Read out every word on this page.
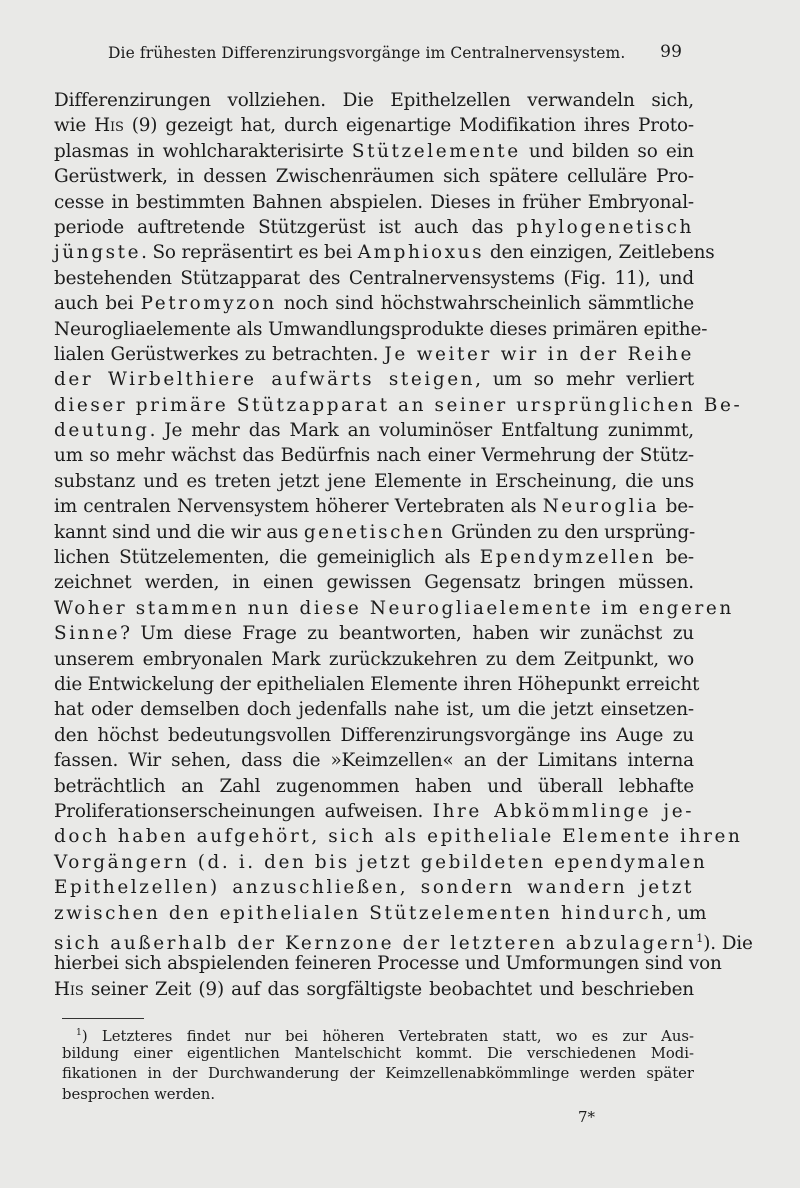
Die frühesten Differenzirungsvorgänge im Centralnervensystem. 99
Differenzirungen vollziehen. Die Epithelzellen verwandeln sich,
wie His (9) gezeigt hat, durch eigenartige Modifikation ihres Proto-
plasmas in wohlcharakterisirte Stützelemente und bilden so ein
Gerüstwerk, in dessen Zwischenräumen sich spätere celluläre Pro-
cesse in bestimmten Bahnen abspielen. Dieses in früher Embryonal-
periode auftretende Stützgerüst ist auch das phylogenetisch
jüngste. So repräsentirt es bei Amphioxus den einzigen, Zeitlebens
bestehenden Stützapparat des Centralnervensystems (Fig. 11), und
auch bei Petromyzon noch sind höchstwahrscheinlich sämmtliche
Neurogliaelemente als Umwandlungsprodukte dieses primären epithe-
lialen Gerüstwerkes zu betrachten. Je weiter wir in der Reihe
der Wirbelthiere aufwärts steigen, um so mehr verliert
dieser primäre Stützapparat an seiner ursprünglichen Be-
deutung. Je mehr das Mark an voluminöser Entfaltung zunimmt,
um so mehr wächst das Bedürfnis nach einer Vermehrung der Stütz-
substanz und es treten jetzt jene Elemente in Erscheinung, die uns
im centralen Nervensystem höherer Vertebraten als Neuroglia be-
kannt sind und die wir aus genetischen Gründen zu den ursprüng-
lichen Stützelementen, die gemeiniglich als Ependymzellen be-
zeichnet werden, in einen gewissen Gegensatz bringen müssen.
Woher stammen nun diese Neurogliaelemente im engeren
Sinne? Um diese Frage zu beantworten, haben wir zunächst zu
unserem embryonalen Mark zurückzukehren zu dem Zeitpunkt, wo
die Entwickelung der epithelialen Elemente ihren Höhepunkt erreicht
hat oder demselben doch jedenfalls nahe ist, um die jetzt einsetzen-
den höchst bedeutungsvollen Differenzirungsvorgänge ins Auge zu
fassen. Wir sehen, dass die »Keimzellen« an der Limitans interna
beträchtlich an Zahl zugenommen haben und überall lebhafte
Proliferationserscheinungen aufweisen. Ihre Abkömmlinge je-
doch haben aufgehört, sich als epitheliale Elemente ihren
Vorgängern (d. i. den bis jetzt gebildeten ependymalen
Epithelzellen) anzuschließen, sondern wandern jetzt
zwischen den epithelialen Stützelementen hindurch, um
sich außerhalb der Kernzone der letzteren abzulagern$^1$). Die
hierbei sich abspielenden feineren Processe und Umformungen sind von
His seiner Zeit (9) auf das sorgfältigste beobachtet und beschrieben
$^1$) Letzteres findet nur bei höheren Vertebraten statt, wo es zur Aus-
bildung einer eigentlichen Mantelschicht kommt. Die verschiedenen Modi-
fikationen in der Durchwanderung der Keimzellenabkömmlinge werden später
besprochen werden.
7*
